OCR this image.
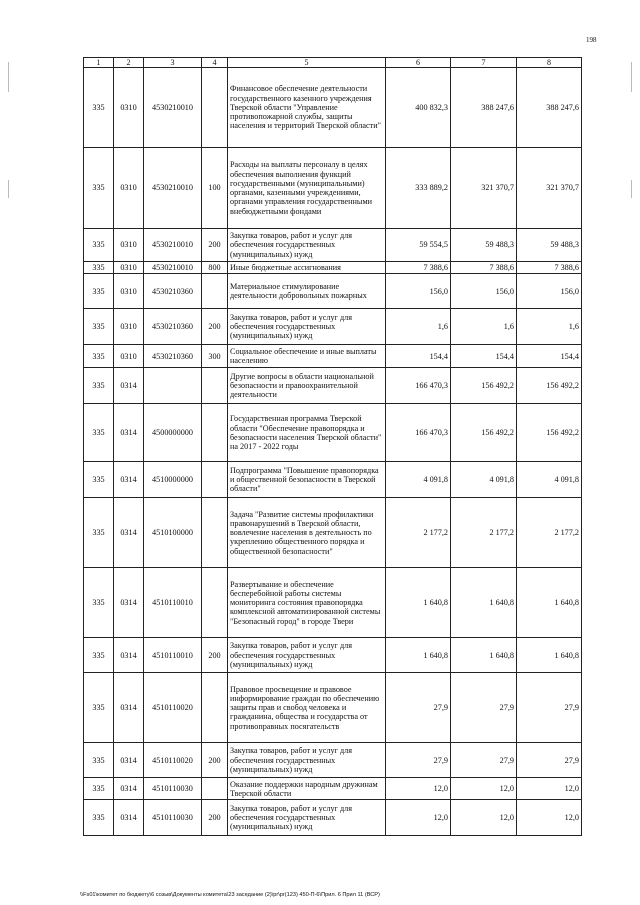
198
1	2	3	4	5	6	7	8
335	0310	4530210010		Финансовое обеспечение деятельности государственного казенного учреждения Тверской области "Управление противопожарной службы, защиты населения и территорий Тверской области"	400 832,3	388 247,6	388 247,6
335	0310	4530210010	100	Расходы на выплаты персоналу в целях обеспечения выполнения функций государственными (муниципальными) органами, казенными учреждениями, органами управления государственными внебюджетными фондами	333 889,2	321 370,7	321 370,7
335	0310	4530210010	200	Закупка товаров, работ и услуг для обеспечения государственных (муниципальных) нужд	59 554,5	59 488,3	59 488,3
335	0310	4530210010	800	Иные бюджетные ассигнования	7 388,6	7 388,6	7 388,6
335	0310	4530210360		Материальное стимулирование деятельности добровольных пожарных	156,0	156,0	156,0
335	0310	4530210360	200	Закупка товаров, работ и услуг для обеспечения государственных (муниципальных) нужд	1,6	1,6	1,6
335	0310	4530210360	300	Социальное обеспечение и иные выплаты населению	154,4	154,4	154,4
335	0314			Другие вопросы в области национальной безопасности и правоохранительной деятельности	166 470,3	156 492,2	156 492,2
335	0314	4500000000		Государственная программа Тверской области "Обеспечение правопорядка и безопасности населения Тверской области" на 2017 - 2022 годы	166 470,3	156 492,2	156 492,2
335	0314	4510000000		Подпрограмма "Повышение правопорядка и общественной безопасности в Тверской области"	4 091,8	4 091,8	4 091,8
335	0314	4510100000		Задача "Развитие системы профилактики правонарушений в Тверской области, вовлечение населения в деятельность по укреплению общественного порядка и общественной безопасности"	2 177,2	2 177,2	2 177,2
335	0314	4510110010		Развертывание и обеспечение бесперебойной работы системы мониторинга состояния правопорядка комплексной автоматизированной системы "Безопасный город" в городе Твери	1 640,8	1 640,8	1 640,8
335	0314	4510110010	200	Закупка товаров, работ и услуг для обеспечения государственных (муниципальных) нужд	1 640,8	1 640,8	1 640,8
335	0314	4510110020		Правовое просвещение и правовое информирование граждан по обеспечению защиты прав и свобод человека и гражданина, общества и государства от противоправных посягательств	27,9	27,9	27,9
335	0314	4510110020	200	Закупка товаров, работ и услуг для обеспечения государственных (муниципальных) нужд	27,9	27,9	27,9
335	0314	4510110030		Оказание поддержки народным дружинам Тверской области	12,0	12,0	12,0
335	0314	4510110030	200	Закупка товаров, работ и услуг для обеспечения государственных (муниципальных) нужд	12,0	12,0	12,0
\\Fs01\комитет по бюджету\6 созыв\Документы комитета\23 заседание (2)\pr\pr(123) 450-П-6\Прил. 6 Прил 11 (ВСР)
